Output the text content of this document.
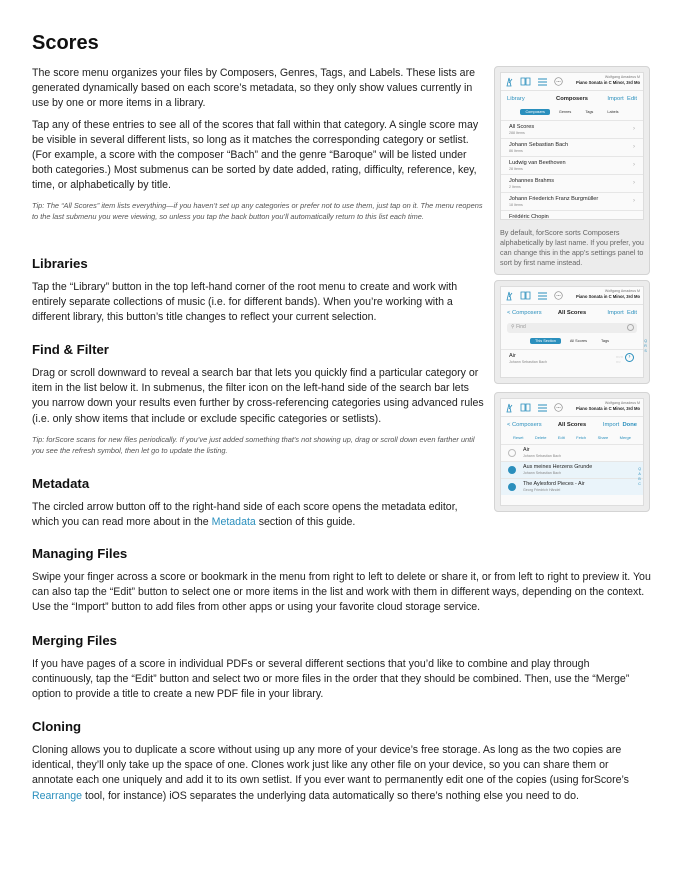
Scores

The score menu organizes your files by Composers, Genres, Tags, and Labels. These lists are generated dynamically based on each score’s metadata, so they only show values currently in use by one or more items in a library.

Tap any of these entries to see all of the scores that fall within that category. A single score may be visible in several different lists, so long as it matches the corresponding category or setlist. (For example, a score with the composer “Bach” and the genre “Baroque” will be listed under both categories.) Most submenus can be sorted by date added, rating, difficulty, reference, key, time, or alphabetically by title.

Tip: The “All Scores” item lists everything—if you haven’t set up any categories or prefer not to use them, just tap on it. The menu reopens to the last submenu you were viewing, so unless you tap the back button you’ll automatically return to this list each time.

Libraries

Tap the “Library” button in the top left-hand corner of the root menu to create and work with entirely separate collections of music (i.e. for different bands). When you’re working with a different library, this button’s title changes to reflect your current selection.

Find & Filter

Drag or scroll downward to reveal a search bar that lets you quickly find a particular category or item in the list below it. In submenus, the filter icon on the left-hand side of the search bar lets you narrow down your results even further by cross-referencing categories using advanced rules (i.e. only show items that include or exclude specific categories or setlists).

Tip: forScore scans for new files periodically. If you’ve just added something that’s not showing up, drag or scroll down even farther until you see the refresh symbol, then let go to update the listing.

Metadata

The circled arrow button off to the right-hand side of each score opens the metadata editor, which you can read more about in the Metadata section of this guide.

Managing Files

Swipe your finger across a score or bookmark in the menu from right to left to delete or share it, or from left to right to preview it. You can also tap the “Edit” button to select one or more items in the list and work with them in different ways, depending on the context. Use the “Import” button to add files from other apps or using your favorite cloud storage service.

Merging Files

If you have pages of a score in individual PDFs or several different sections that you’d like to combine and play through continuously, tap the “Edit” button and select two or more files in the order that they should be combined. Then, use the “Merge” option to provide a title to create a new PDF file in your library.

Cloning

Cloning allows you to duplicate a score without using up any more of your device’s free storage. As long as the two copies are identical, they’ll only take up the space of one. Clones work just like any other file on your device, so you can share them or annotate each one uniquely and add it to its own setlist. If you ever want to permanently edit one of the copies (using forScore’s Rearrange tool, for instance) iOS separates the underlying data automatically so there’s nothing else you need to do.

Wolfgang Amadeus M
Piano Sonata in C Minor, 3rd Mo
Library	Composers	Import Edit
Composers	Genres	Tags	Labels
All Scores
288 Items
›
Johann Sebastian Bach
86 Items
›
Ludwig van Beethoven
28 Items
›
Johannes Brahms
2 Items
›
Johann Friederich Franz Burgmüller
18 Items
›
Frédéric Chopin
By default, forScore sorts Composers alphabetically by last name. If you prefer, you can change this in the app’s settings panel to sort by first name instead.
Wolfgang Amadeus M
Piano Sonata in C Minor, 3rd Mo
< Composers	All Scores	Import Edit
⚲ Find
This Section	All Scores	Tags
Air
Johann Sebastian Bach
○○○
○○
›
Q
R
S
Wolfgang Amadeus M
Piano Sonata in C Minor, 3rd Mo
< Composers	All Scores	Import Done
Reset	Delete	Edit	Fetch	Share	Merge
Air
Johann Sebastian Bach
Aus meines Herzens Grunde
Johann Sebastian Bach
The Aylesford Pieces - Air
Georg Friedrich Händel
Q
A
B
C
